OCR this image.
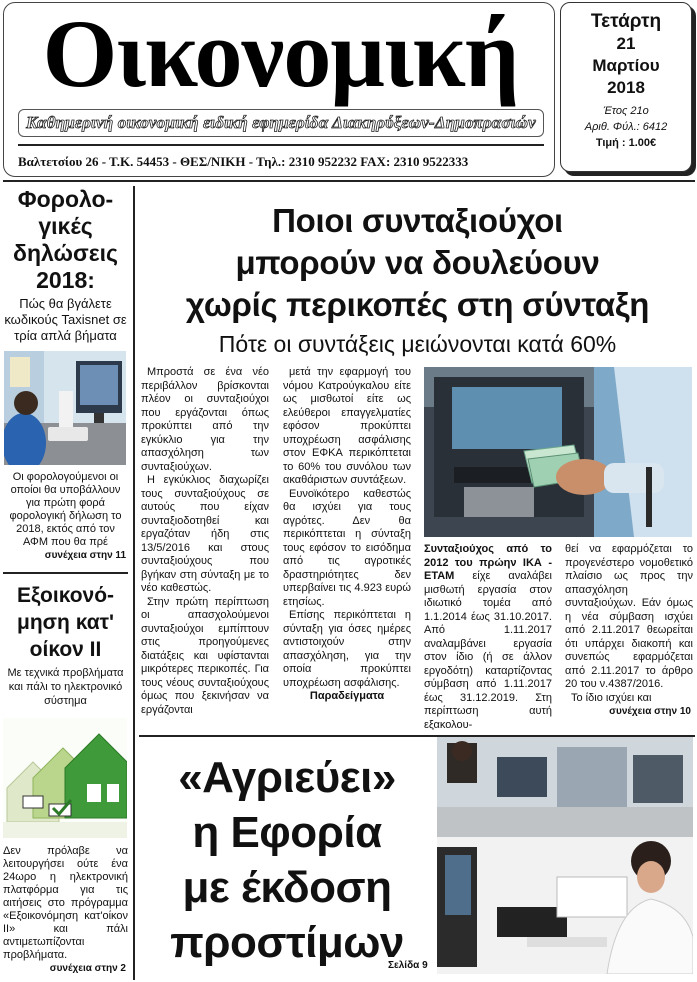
Οικονομική
Καθημερινή οικονομική ειδική εφημερίδα Διακηρύξεων-Δημοπρασιών
Βαλτετσίου 26 - Τ.Κ. 54453 - ΘΕΣ/ΝΙΚΗ - Τηλ.: 2310 952232 FAX: 2310 9522333
Τετάρτη
21
Μαρτίου
2018
Έτος 21ο
Αριθ. Φύλ.: 6412
Τιμή : 1.00€
Φορολο-
γικές
δηλώσεις
2018:
Πώς θα βγάλετε κωδικούς Taxisnet σε τρία απλά βήματα
Οι φορολογούμενοι οι οποίοι θα υποβάλλουν για πρώτη φορά φορολογική δήλωση το 2018, εκτός από τον ΑΦΜ που θα πρέ
συνέχεια στην 11
Εξοικονό-
μηση κατ'
οίκον ΙΙ
Με τεχνικά προβλήματα και πάλι το ηλεκτρονικό σύστημα
Δεν πρόλαβε να λειτουργήσει ούτε ένα 24ωρο η ηλεκτρονική πλατφόρμα για τις αιτήσεις στο πρόγραμμα «Εξοικονόμηση κατ'οίκον ΙΙ» και πάλι αντιμετωπίζονται προβλήματα.
συνέχεια στην 2
Ποιοι συνταξιούχοι
μπορούν να δουλεύουν
χωρίς περικοπές στη σύνταξη
Πότε οι συντάξεις μειώνονται κατά 60%

Μπροστά σε ένα νέο περιβάλλον βρίσκονται πλέον οι συνταξιούχοι που εργάζονται όπως προκύπτει από την εγκύκλιο για την απασχόληση των συνταξιούχων.

Η εγκύκλιος διαχωρίζει τους συνταξιούχους σε αυτούς που είχαν συνταξιοδοτηθεί και εργαζόταν ήδη στις 13/5/2016 και στους συνταξιούχους που βγήκαν στη σύνταξη με το νέο καθεστώς.

Στην πρώτη περίπτωση οι απασχολούμενοι συνταξιούχοι εμπίπτουν στις προηγούμενες διατάξεις και υφίστανται μικρότερες περικοπές. Για τους νέους συνταξιούχους όμως που ξεκινήσαν να εργάζονται

μετά την εφαρμογή του νόμου Κατρούγκαλου είτε ως μισθωτοί είτε ως ελεύθεροι επαγγελματίες εφόσον προκύπτει υποχρέωση ασφάλισης στον ΕΦΚΑ περικόπτεται το 60% του συνόλου των ακαθάριστων συντάξεων.

Ευνοϊκότερο καθεστώς θα ισχύει για τους αγρότες. Δεν θα περικόπτεται η σύνταξη τους εφόσον το εισόδημα από τις αγροτικές δραστηριότητες δεν υπερβαίνει τις 4.923 ευρώ ετησίως.

Επίσης περικόπτεται η σύνταξη για όσες ημέρες αντιστοιχούν στην απασχόληση, για την οποία προκύπτει υποχρέωση ασφάλισης.

Παραδείγματα

Συνταξιούχος από το 2012 του πρώην ΙΚΑ - ΕΤΑΜ είχε αναλάβει μισθωτή εργασία στον ιδιωτικό τομέα από 1.1.2014 έως 31.10.2017. Από 1.11.2017 αναλαμβάνει εργασία στον ίδιο (ή σε άλλον εργοδότη) καταρτίζοντας σύμβαση από 1.11.2017 έως 31.12.2019. Στη περίπτωση αυτή εξακολου-

θεί να εφαρμόζεται το προγενέστερο νομοθετικό πλαίσιο ως προς την απασχόληση συνταξιούχων. Εάν όμως η νέα σύμβαση ισχύει από 2.11.2017 θεωρείται ότι υπάρχει διακοπή και συνεπώς εφαρμόζεται από 2.11.2017 το άρθρο 20 του ν.4387/2016.

Το ίδιο ισχύει και

συνέχεια στην 10
«Αγριεύει»
η Εφορία
με έκδοση
προστίμων
Σελίδα 9
